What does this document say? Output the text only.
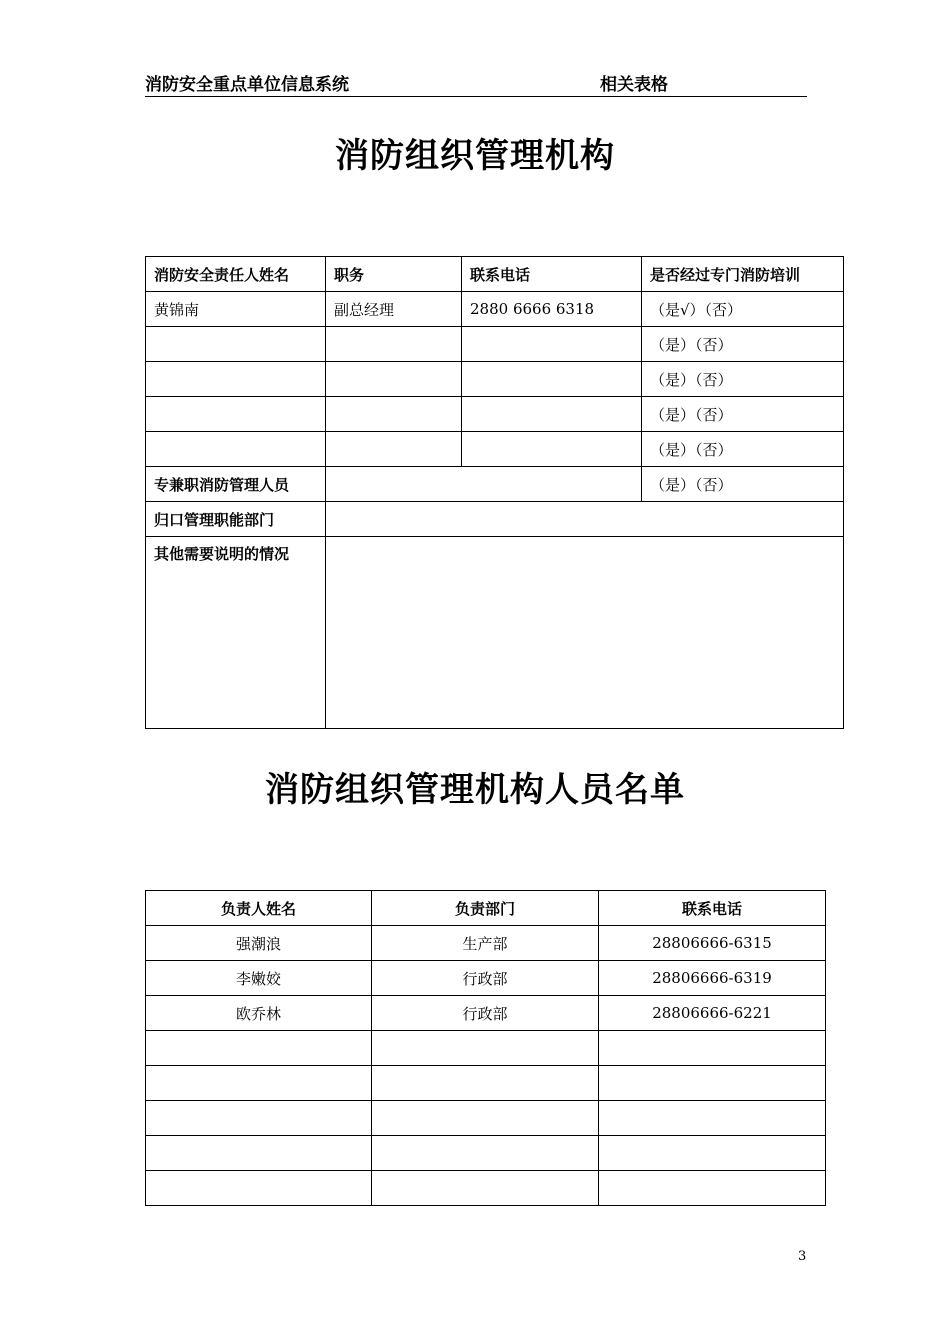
消防安全重点单位信息系统	相关表格
消防组织管理机构
消防安全责任人姓名	职务	联系电话	是否经过专门消防培训
黄锦南	副总经理	2880 6666 6318	（是√）（否）
			（是）（否）
			（是）（否）
			（是）（否）
			（是）（否）
专兼职消防管理人员			（是）（否）
归口管理职能部门			
其他需要说明的情况			
消防组织管理机构人员名单
负责人姓名	负责部门	联系电话
强潮浪	生产部	28806666-6315
李嫩姣	行政部	28806666-6319
欧乔林	行政部	28806666-6221

3
